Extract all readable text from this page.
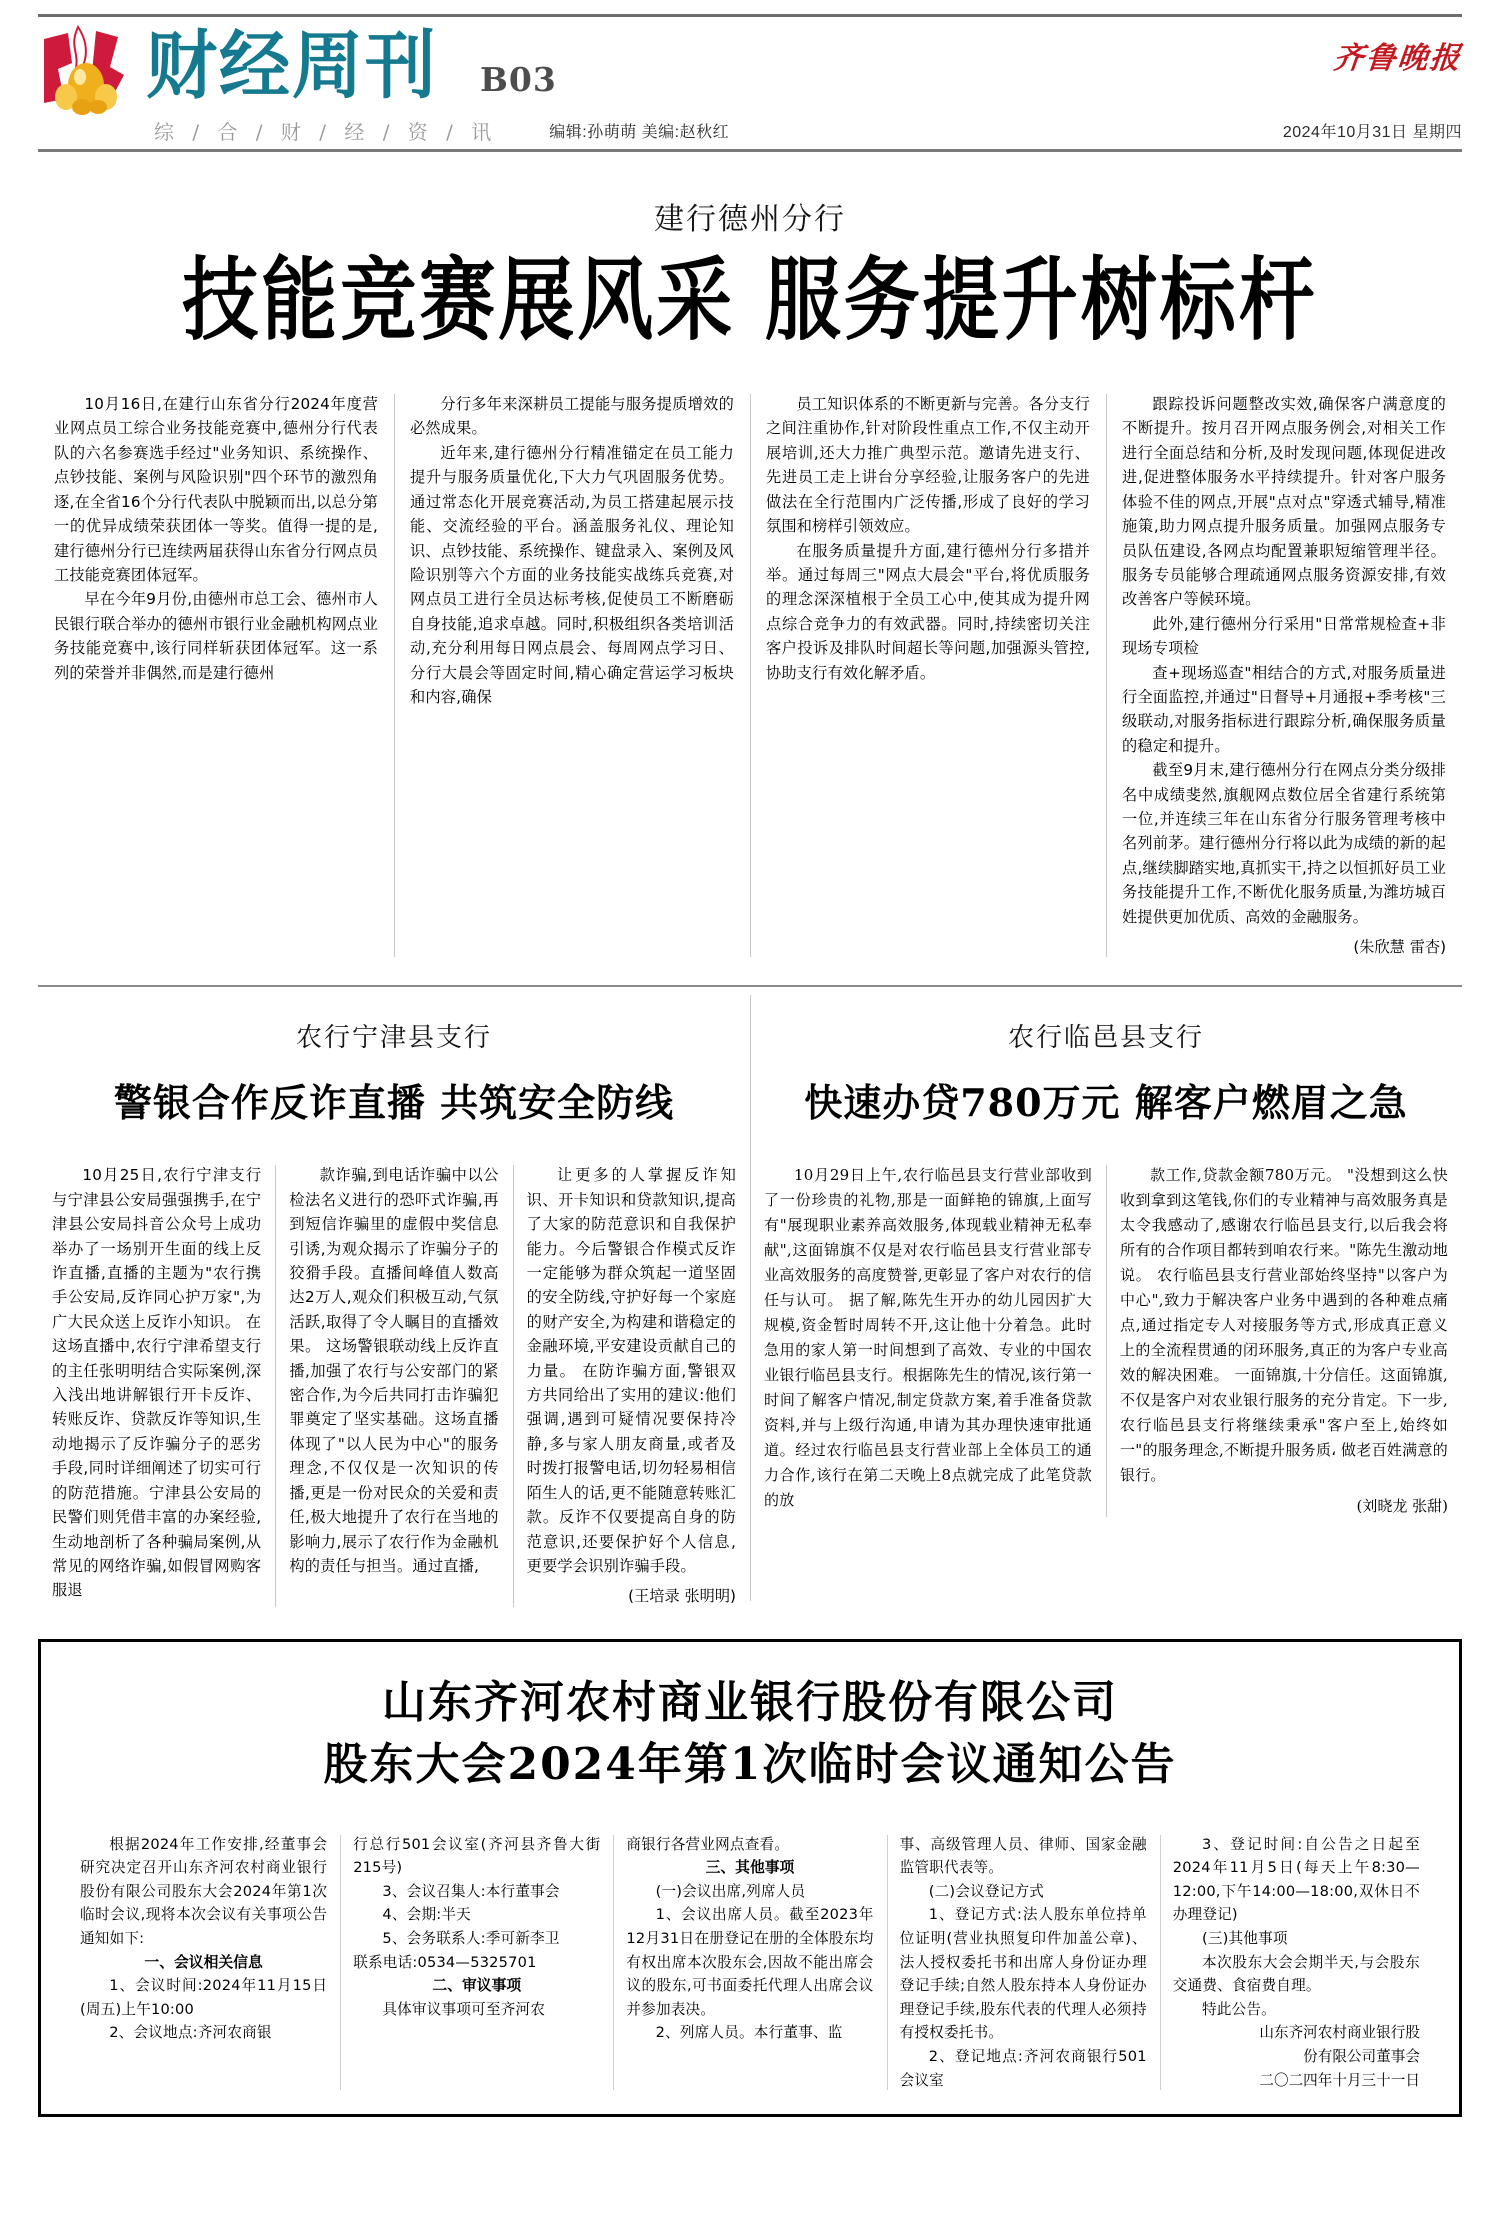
财经周刊 B03
齐鲁晚报
综 / 合 / 财 / 经 / 资 / 讯	编辑:孙萌萌 美编:赵秋红	2024年10月31日 星期四
建行德州分行
技能竞赛展风采 服务提升树标杆

10月16日,在建行山东省分行2024年度营业网点员工综合业务技能竞赛中,德州分行代表队的六名参赛选手经过"业务知识、系统操作、点钞技能、案例与风险识别"四个环节的激烈角逐,在全省16个分行代表队中脱颖而出,以总分第一的优异成绩荣获团体一等奖。值得一提的是,建行德州分行已连续两届获得山东省分行网点员工技能竞赛团体冠军。

早在今年9月份,由德州市总工会、德州市人民银行联合举办的德州市银行业金融机构网点业务技能竞赛中,该行同样斩获团体冠军。这一系列的荣誉并非偶然,而是建行德州

分行多年来深耕员工提能与服务提质增效的必然成果。

近年来,建行德州分行精准锚定在员工能力提升与服务质量优化,下大力气巩固服务优势。通过常态化开展竞赛活动,为员工搭建起展示技能、交流经验的平台。涵盖服务礼仪、理论知识、点钞技能、系统操作、键盘录入、案例及风险识别等六个方面的业务技能实战练兵竞赛,对网点员工进行全员达标考核,促使员工不断磨砺自身技能,追求卓越。同时,积极组织各类培训活动,充分利用每日网点晨会、每周网点学习日、分行大晨会等固定时间,精心确定营运学习板块和内容,确保

员工知识体系的不断更新与完善。各分支行之间注重协作,针对阶段性重点工作,不仅主动开展培训,还大力推广典型示范。邀请先进支行、先进员工走上讲台分享经验,让服务客户的先进做法在全行范围内广泛传播,形成了良好的学习氛围和榜样引领效应。

在服务质量提升方面,建行德州分行多措并举。通过每周三"网点大晨会"平台,将优质服务的理念深深植根于全员工心中,使其成为提升网点综合竞争力的有效武器。同时,持续密切关注客户投诉及排队时间超长等问题,加强源头管控,协助支行有效化解矛盾。

跟踪投诉问题整改实效,确保客户满意度的不断提升。按月召开网点服务例会,对相关工作进行全面总结和分析,及时发现问题,体现促进改进,促进整体服务水平持续提升。针对客户服务体验不佳的网点,开展"点对点"穿透式辅导,精准施策,助力网点提升服务质量。加强网点服务专员队伍建设,各网点均配置兼职短缩管理半径。服务专员能够合理疏通网点服务资源安排,有效改善客户等候环境。

此外,建行德州分行采用"日常常规检查+非现场专项检

查+现场巡查"相结合的方式,对服务质量进行全面监控,并通过"日督导+月通报+季考核"三级联动,对服务指标进行跟踪分析,确保服务质量的稳定和提升。

截至9月末,建行德州分行在网点分类分级排名中成绩斐然,旗舰网点数位居全省建行系统第一位,并连续三年在山东省分行服务管理考核中名列前茅。建行德州分行将以此为成绩的新的起点,继续脚踏实地,真抓实干,持之以恒抓好员工业务技能提升工作,不断优化服务质量,为潍坊城百姓提供更加优质、高效的金融服务。

(朱欣慧 雷杏)
农行宁津县支行
警银合作反诈直播 共筑安全防线

10月25日,农行宁津支行与宁津县公安局强强携手,在宁津县公安局抖音公众号上成功举办了一场别开生面的线上反诈直播,直播的主题为"农行携手公安局,反诈同心护万家",为广大民众送上反诈小知识。 在这场直播中,农行宁津希望支行的主任张明明结合实际案例,深入浅出地讲解银行开卡反诈、转账反诈、贷款反诈等知识,生动地揭示了反诈骗分子的恶劣手段,同时详细阐述了切实可行的防范措施。宁津县公安局的民警们则凭借丰富的办案经验,生动地剖析了各种骗局案例,从常见的网络诈骗,如假冒网购客服退

款诈骗,到电话诈骗中以公检法名义进行的恐吓式诈骗,再到短信诈骗里的虚假中奖信息引诱,为观众揭示了诈骗分子的狡猾手段。直播间峰值人数高达2万人,观众们积极互动,气氛活跃,取得了令人瞩目的直播效果。 这场警银联动线上反诈直播,加强了农行与公安部门的紧密合作,为今后共同打击诈骗犯罪奠定了坚实基础。这场直播体现了"以人民为中心"的服务理念,不仅仅是一次知识的传播,更是一份对民众的关爱和责任,极大地提升了农行在当地的影响力,展示了农行作为金融机构的责任与担当。通过直播,

让更多的人掌握反诈知识、开卡知识和贷款知识,提高了大家的防范意识和自我保护能力。今后警银合作模式反诈一定能够为群众筑起一道坚固的安全防线,守护好每一个家庭的财产安全,为构建和谐稳定的金融环境,平安建设贡献自己的力量。 在防诈骗方面,警银双方共同给出了实用的建议:他们强调,遇到可疑情况要保持冷静,多与家人朋友商量,或者及时拨打报警电话,切勿轻易相信陌生人的话,更不能随意转账汇款。反诈不仅要提高自身的防范意识,还要保护好个人信息,更要学会识别诈骗手段。

(王培录 张明明)
农行临邑县支行
快速办贷780万元 解客户燃眉之急

10月29日上午,农行临邑县支行营业部收到了一份珍贵的礼物,那是一面鲜艳的锦旗,上面写有"展现职业素养高效服务,体现载业精神无私奉献",这面锦旗不仅是对农行临邑县支行营业部专业高效服务的高度赞誉,更彰显了客户对农行的信任与认可。 据了解,陈先生开办的幼儿园因扩大规模,资金暂时周转不开,这让他十分着急。此时急用的家人第一时间想到了高效、专业的中国农业银行临邑县支行。根据陈先生的情况,该行第一时间了解客户情况,制定贷款方案,着手准备贷款资料,并与上级行沟通,申请为其办理快速审批通道。经过农行临邑县支行营业部上全体员工的通力合作,该行在第二天晚上8点就完成了此笔贷款的放

款工作,贷款金额780万元。 "没想到这么快收到拿到这笔钱,你们的专业精神与高效服务真是太令我感动了,感谢农行临邑县支行,以后我会将所有的合作项目都转到咱农行来。"陈先生激动地说。 农行临邑县支行营业部始终坚持"以客户为中心",致力于解决客户业务中遇到的各种难点痛点,通过指定专人对接服务等方式,形成真正意义上的全流程贯通的闭环服务,真正的为客户专业高效的解决困难。 一面锦旗,十分信任。这面锦旗,不仅是客户对农业银行服务的充分肯定。下一步,农行临邑县支行将继续秉承"客户至上,始终如一"的服务理念,不断提升服务质، 做老百姓满意的银行。

(刘晓龙 张甜)
山东齐河农村商业银行股份有限公司
股东大会2024年第1次临时会议通知公告

根据2024年工作安排,经董事会研究决定召开山东齐河农村商业银行股份有限公司股东大会2024年第1次临时会议,现将本次会议有关事项公告通知如下:

一、会议相关信息

1、会议时间:2024年11月15日(周五)上午10:00

2、会议地点:齐河农商银

行总行501会议室(齐河县齐鲁大街215号)

3、会议召集人:本行董事会

4、会期:半天

5、会务联系人:季可新李卫

联系电话:0534—5325701

二、审议事项

具体审议事项可至齐河农

商银行各营业网点查看。

三、其他事项

(一)会议出席,列席人员

1、会议出席人员。截至2023年12月31日在册登记在册的全体股东均有权出席本次股东会,因故不能出席会议的股东,可书面委托代理人出席会议并参加表决。

2、列席人员。本行董事、监

事、高级管理人员、律师、国家金融监管职代表等。

(二)会议登记方式

1、登记方式:法人股东单位持单位证明(营业执照复印件加盖公章)、法人授权委托书和出席人身份证办理登记手续;自然人股东持本人身份证办理登记手续,股东代表的代理人必须持有授权委托书。

2、登记地点:齐河农商银行501会议室

3、登记时间:自公告之日起至2024年11月5日(每天上午8:30—12:00,下午14:00—18:00,双休日不办理登记)

(三)其他事项

本次股东大会会期半天,与会股东交通费、食宿费自理。

特此公告。

山东齐河农村商业银行股

份有限公司董事会

二〇二四年十月三十一日
